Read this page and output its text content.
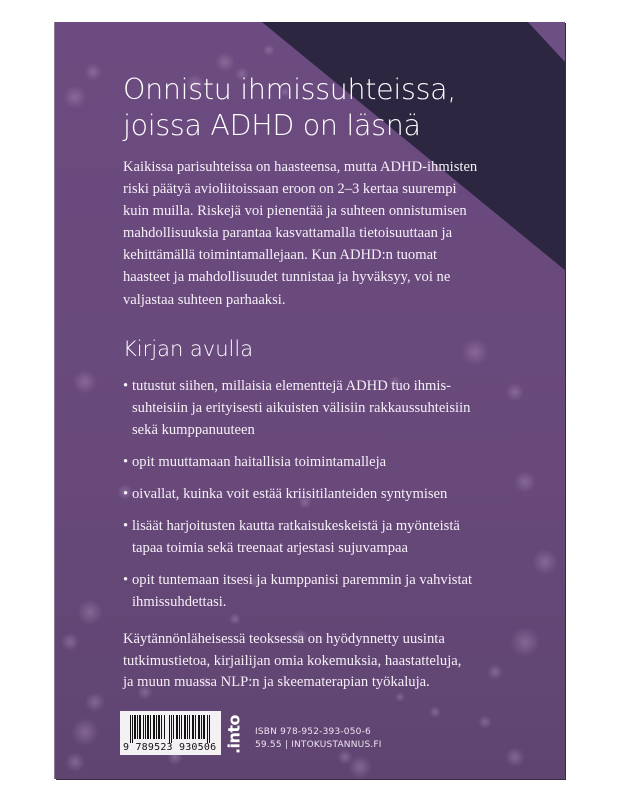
Onnistu ihmissuhteissa,
joissa ADHD on läsnä

Kaikissa parisuhteissa on haasteensa, mutta ADHD-ihmisten
riski päätyä avioliitoissaan eroon on 2–3 kertaa suurempi
kuin muilla. Riskejä voi pienentää ja suhteen onnistumisen
mahdollisuuksia parantaa kasvattamalla tietoisuuttaan ja
kehittämällä toimintamallejaan. Kun ADHD:n tuomat
haasteet ja mahdollisuudet tunnistaa ja hyväksyy, voi ne
valjastaa suhteen parhaaksi.

Kirjan avulla
• tutustut siihen, millaisia elementtejä ADHD tuo ihmis-
suhteisiin ja erityisesti aikuisten välisiin rakkaussuhteisiin
sekä kumppanuuteen
• opit muuttamaan haitallisia toimintamalleja
• oivallat, kuinka voit estää kriisitilanteiden syntymisen
• lisäät harjoitusten kautta ratkaisukeskeistä ja myönteistä
tapaa toimia sekä treenaat arjestasi sujuvampaa
• opit tuntemaan itsesi ja kumppanisi paremmin ja vahvistat
ihmissuhdettasi.

Käytännönläheisessä teoksessa on hyödynnetty uusinta
tutkimustietoa, kirjailijan omia kokemuksia, haastatteluja,
ja muun muassa NLP:n ja skeematerapian työkaluja.

9 789523 930506 .into ISBN 978-952-393-050-6
59.55 | INTOKUSTANNUS.FI
